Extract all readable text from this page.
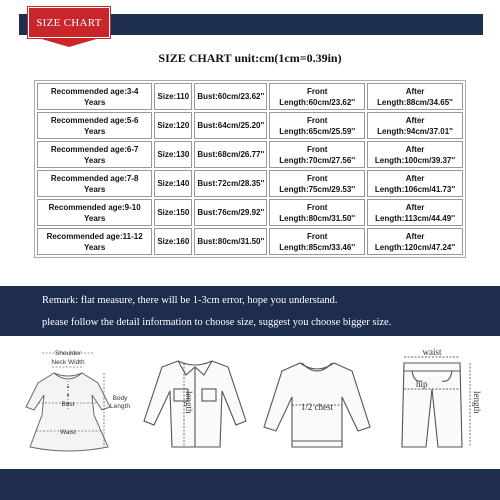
SIZE CHART
SIZE CHART unit:cm(1cm=0.39in)
Recommended age:3-4 Years	Size:110	Bust:60cm/23.62''	Front Length:60cm/23.62''	After Length:88cm/34.65''
Recommended age:5-6 Years	Size:120	Bust:64cm/25.20''	Front Length:65cm/25.59''	After Length:94cm/37.01''
Recommended age:6-7 Years	Size:130	Bust:68cm/26.77''	Front Length:70cm/27.56''	After Length:100cm/39.37''
Recommended age:7-8 Years	Size:140	Bust:72cm/28.35''	Front Length:75cm/29.53''	After Length:106cm/41.73''
Recommended age:9-10 Years	Size:150	Bust:76cm/29.92''	Front Length:80cm/31.50''	After Length:113cm/44.49''
Recommended age:11-12 Years	Size:160	Bust:80cm/31.50''	Front Length:85cm/33.46''	After Length:120cm/47.24''
Remark: flat measure, there will be 1-3cm error, hope you understand.
please follow the detail information to choose size, suggest you choose bigger size.
Shoulder
Neck Width
Body
Length
Bust
Waist
length	1/2 chest
waist
hip
length
